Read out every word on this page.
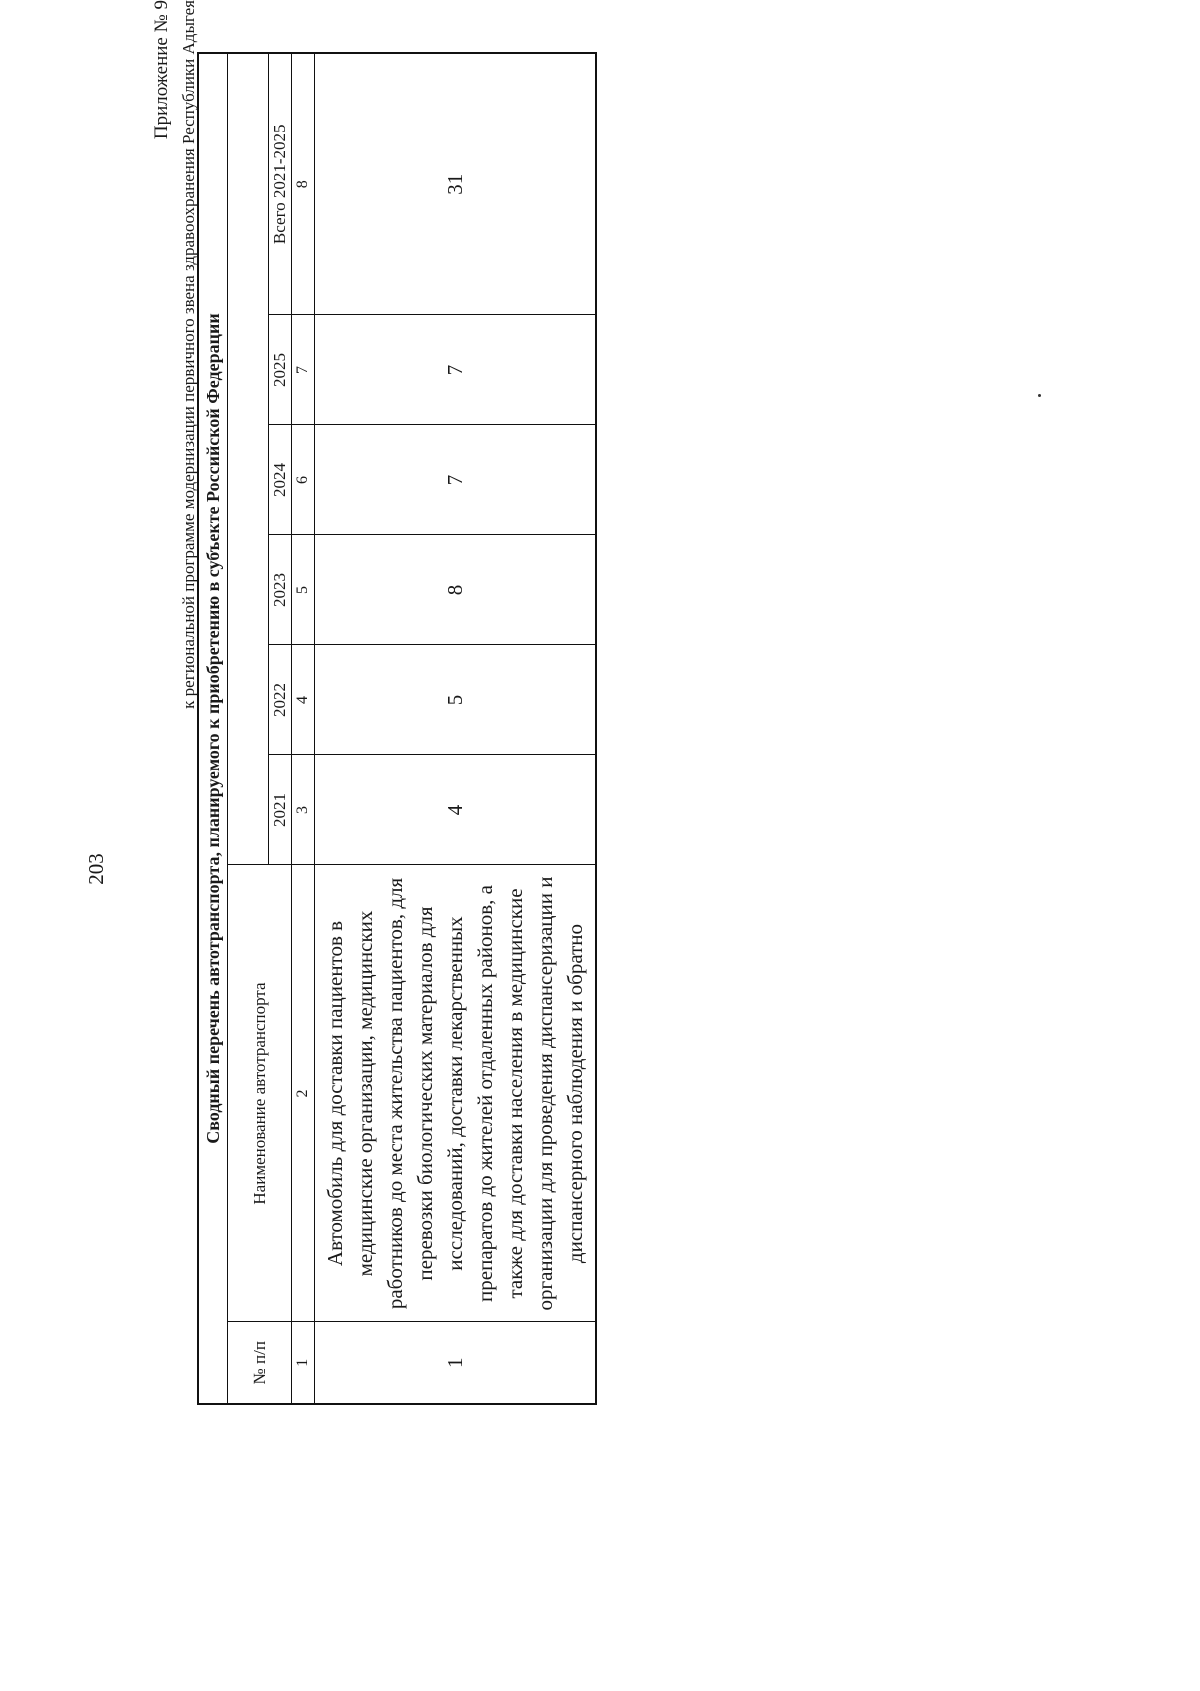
203
Приложение № 9 к региональной программе модернизации первичного звена здравоохранения Республики Адыгея Сводный перечень автотранспорта, планируемого к приобретению в субъекте Российской Федерации							
№ п/п	Наименование автотранспорта						
		2021	2022	2023	2024	2025	Всего 2021-2025
1	2	3	4	5	6	7	8
1	Автомобиль для доставки пациентов в медицинские организации, медицинских работников до места жительства пациентов, для перевозки биологических материалов для исследований, доставки лекарственных препаратов до жителей отдаленных районов, а также для доставки населения в медицинские организации для проведения диспансеризации и диспансерного наблюдения и обратно	4	5	8	7	7	31
